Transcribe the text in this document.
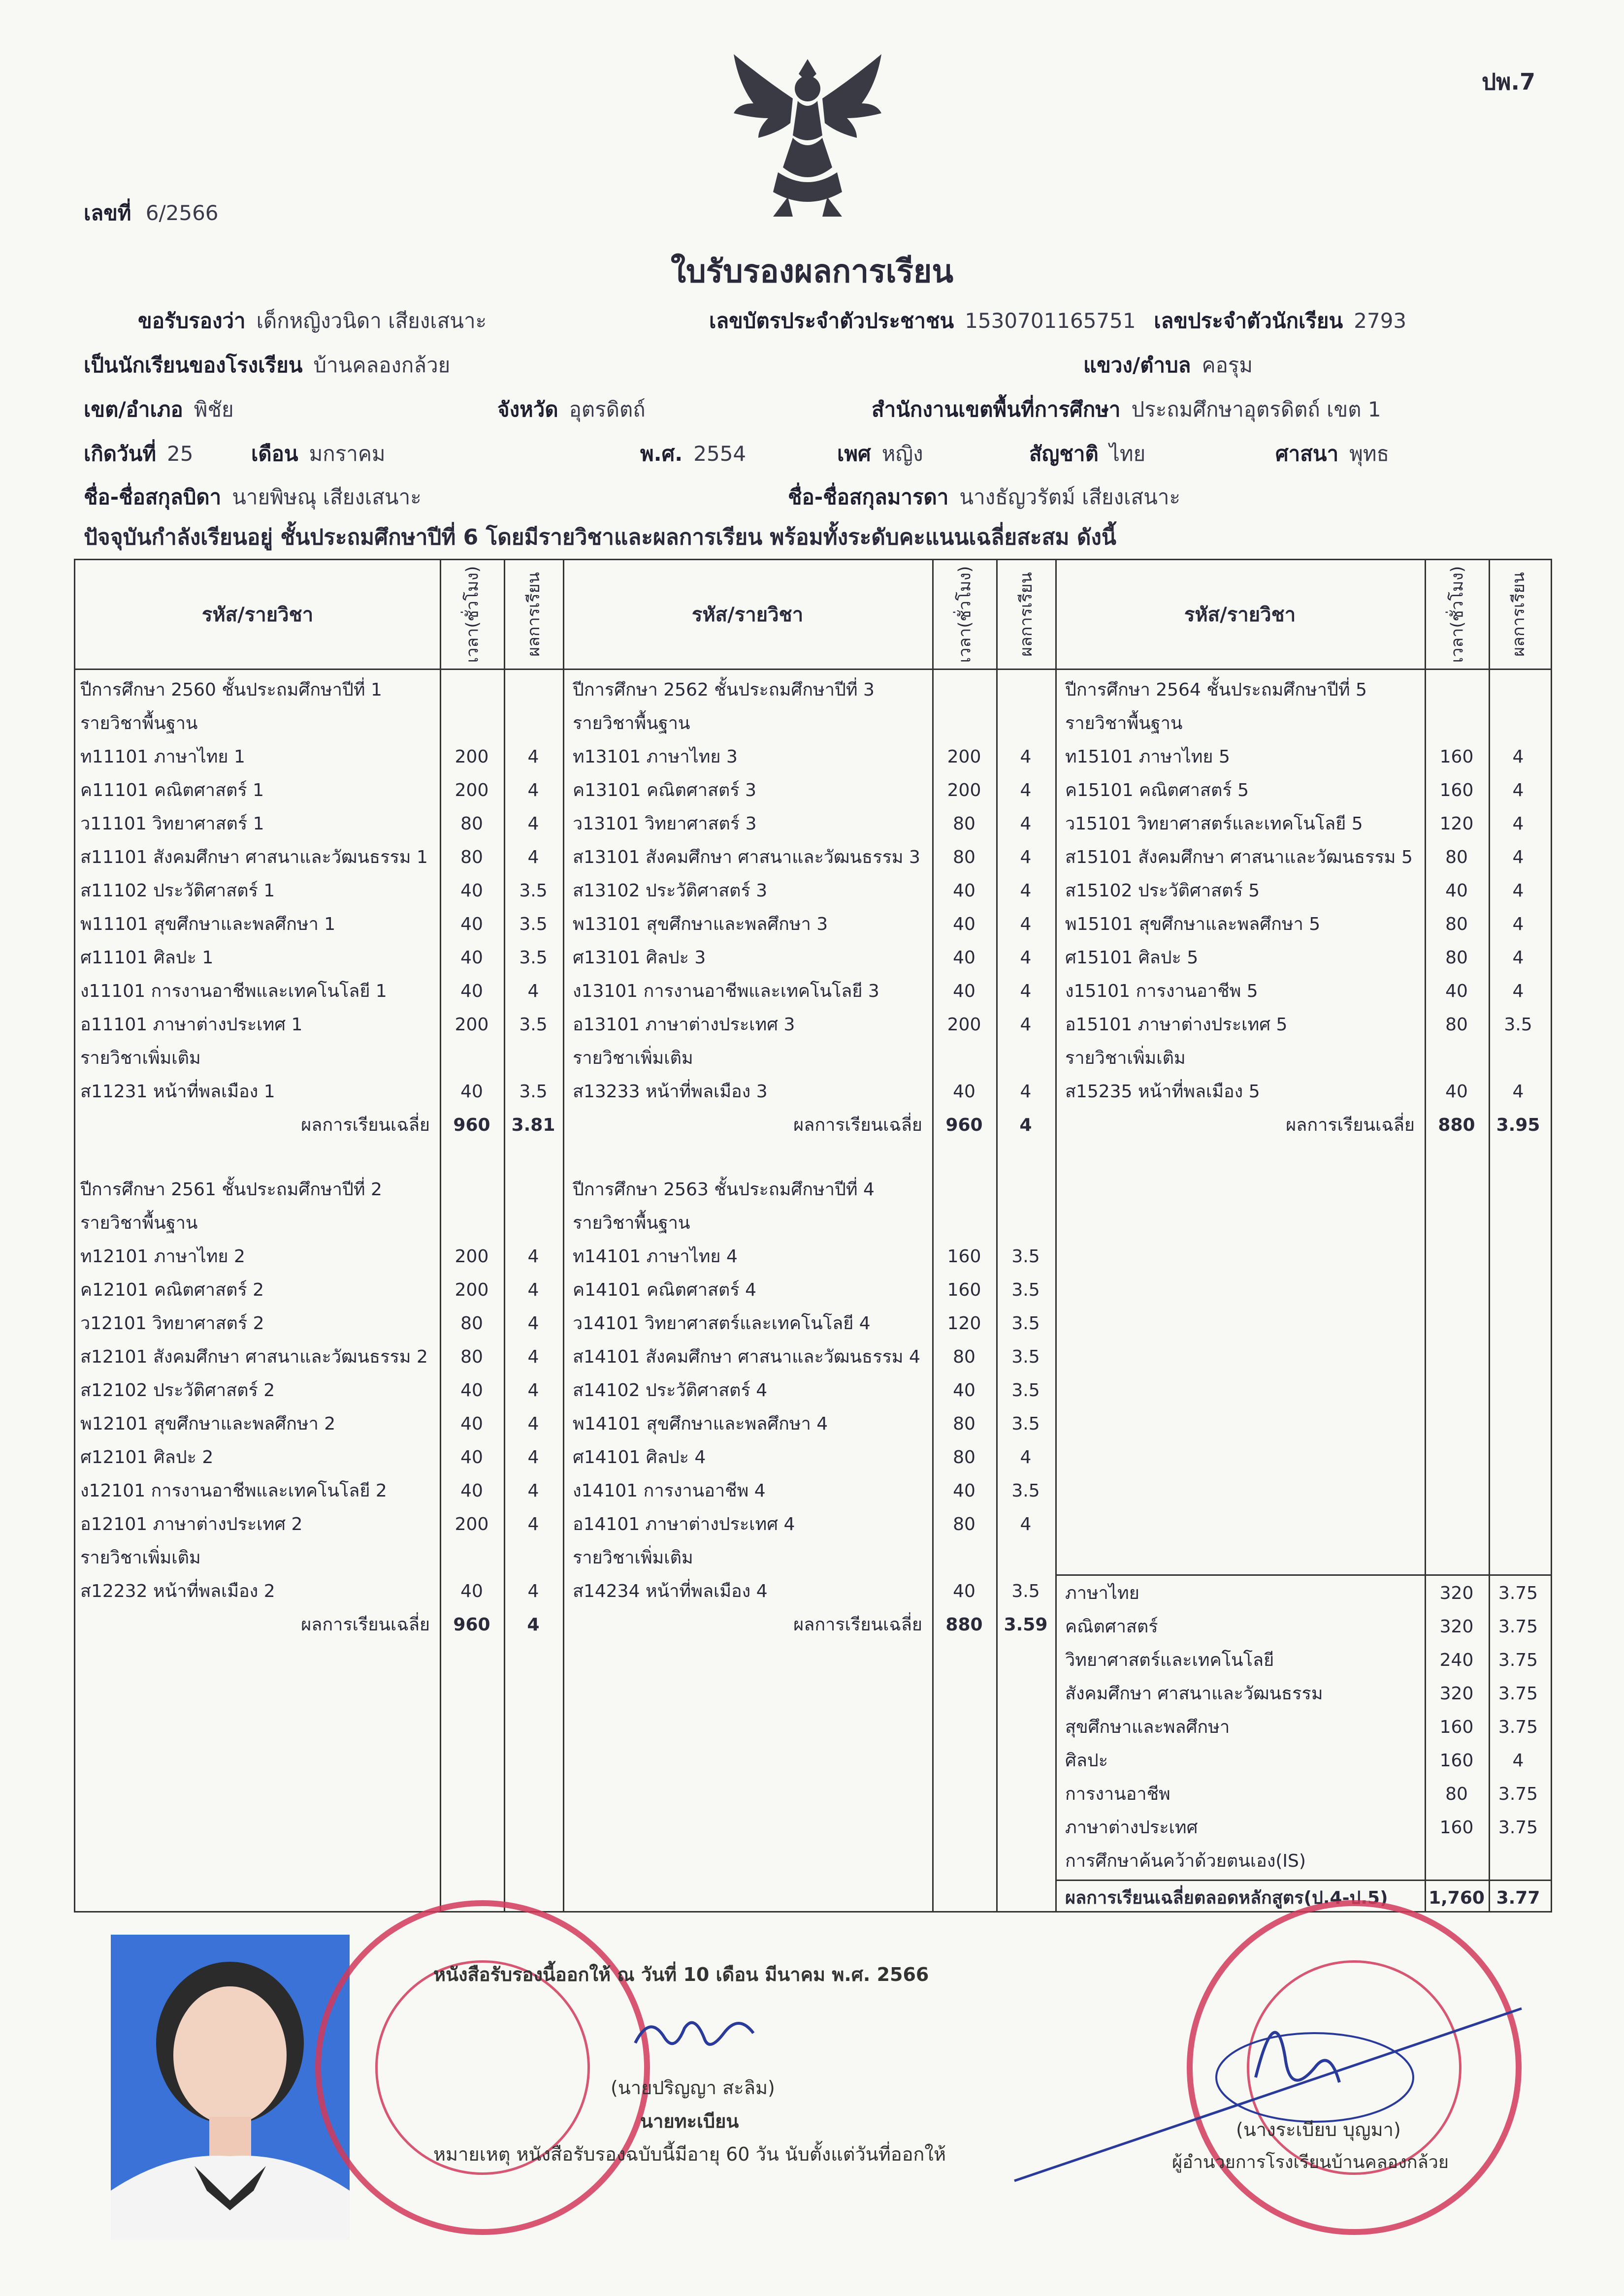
ปพ.7
เลขที่ 6/2566
ใบรับรองผลการเรียน
ขอรับรองว่า เด็กหญิงวนิดา เสียงเสนาะ	เลขบัตรประจำตัวประชาชน 1530701165751 เลขประจำตัวนักเรียน 2793
เป็นนักเรียนของโรงเรียน บ้านคลองกล้วย	แขวง/ตำบล คอรุม
เขต/อำเภอ พิชัย	จังหวัด อุตรดิตถ์	สำนักงานเขตพื้นที่การศึกษา ประถมศึกษาอุตรดิตถ์ เขต 1
เกิดวันที่ 25	เดือน มกราคม	พ.ศ. 2554	เพศ หญิง	สัญชาติ ไทย	ศาสนา พุทธ
ชื่อ-ชื่อสกุลบิดา นายพิษณุ เสียงเสนาะ	ชื่อ-ชื่อสกุลมารดา นางธัญวรัตม์ เสียงเสนาะ
ปัจจุบันกำลังเรียนอยู่ ชั้นประถมศึกษาปีที่ 6 โดยมีรายวิชาและผลการเรียน พร้อมทั้งระดับคะแนนเฉลี่ยสะสม ดังนี้
รหัส/รายวิชา	เวลา(ชั่วโมง)	ผลการเรียน	รหัส/รายวิชา	เวลา(ชั่วโมง)	ผลการเรียน	รหัส/รายวิชา	เวลา(ชั่วโมง)	ผลการเรียน
ปีการศึกษา 2560 ชั้นประถมศึกษาปีที่ 1
รายวิชาพื้นฐาน
ท11101 ภาษาไทย 1	200	4
ค11101 คณิตศาสตร์ 1	200	4
ว11101 วิทยาศาสตร์ 1	80	4
ส11101 สังคมศึกษา ศาสนาและวัฒนธรรม 1	80	4
ส11102 ประวัติศาสตร์ 1	40	3.5
พ11101 สุขศึกษาและพลศึกษา 1	40	3.5
ศ11101 ศิลปะ 1	40	3.5
ง11101 การงานอาชีพและเทคโนโลยี 1	40	4
อ11101 ภาษาต่างประเทศ 1	200	3.5
รายวิชาเพิ่มเติม
ส11231 หน้าที่พลเมือง 1	40	3.5
ผลการเรียนเฉลี่ย	960	3.81
ปีการศึกษา 2561 ชั้นประถมศึกษาปีที่ 2
รายวิชาพื้นฐาน
ท12101 ภาษาไทย 2	200	4
ค12101 คณิตศาสตร์ 2	200	4
ว12101 วิทยาศาสตร์ 2	80	4
ส12101 สังคมศึกษา ศาสนาและวัฒนธรรม 2	80	4
ส12102 ประวัติศาสตร์ 2	40	4
พ12101 สุขศึกษาและพลศึกษา 2	40	4
ศ12101 ศิลปะ 2	40	4
ง12101 การงานอาชีพและเทคโนโลยี 2	40	4
อ12101 ภาษาต่างประเทศ 2	200	4
รายวิชาเพิ่มเติม
ส12232 หน้าที่พลเมือง 2	40	4
ผลการเรียนเฉลี่ย	960	4
ปีการศึกษา 2562 ชั้นประถมศึกษาปีที่ 3
รายวิชาพื้นฐาน
ท13101 ภาษาไทย 3	200	4
ค13101 คณิตศาสตร์ 3	200	4
ว13101 วิทยาศาสตร์ 3	80	4
ส13101 สังคมศึกษา ศาสนาและวัฒนธรรม 3	80	4
ส13102 ประวัติศาสตร์ 3	40	4
พ13101 สุขศึกษาและพลศึกษา 3	40	4
ศ13101 ศิลปะ 3	40	4
ง13101 การงานอาชีพและเทคโนโลยี 3	40	4
อ13101 ภาษาต่างประเทศ 3	200	4
รายวิชาเพิ่มเติม
ส13233 หน้าที่พลเมือง 3	40	4
ผลการเรียนเฉลี่ย	960	4
ปีการศึกษา 2563 ชั้นประถมศึกษาปีที่ 4
รายวิชาพื้นฐาน
ท14101 ภาษาไทย 4	160	3.5
ค14101 คณิตศาสตร์ 4	160	3.5
ว14101 วิทยาศาสตร์และเทคโนโลยี 4	120	3.5
ส14101 สังคมศึกษา ศาสนาและวัฒนธรรม 4	80	3.5
ส14102 ประวัติศาสตร์ 4	40	3.5
พ14101 สุขศึกษาและพลศึกษา 4	80	3.5
ศ14101 ศิลปะ 4	80	4
ง14101 การงานอาชีพ 4	40	3.5
อ14101 ภาษาต่างประเทศ 4	80	4
รายวิชาเพิ่มเติม
ส14234 หน้าที่พลเมือง 4	40	3.5
ผลการเรียนเฉลี่ย	880	3.59
ปีการศึกษา 2564 ชั้นประถมศึกษาปีที่ 5
รายวิชาพื้นฐาน
ท15101 ภาษาไทย 5	160	4
ค15101 คณิตศาสตร์ 5	160	4
ว15101 วิทยาศาสตร์และเทคโนโลยี 5	120	4
ส15101 สังคมศึกษา ศาสนาและวัฒนธรรม 5	80	4
ส15102 ประวัติศาสตร์ 5	40	4
พ15101 สุขศึกษาและพลศึกษา 5	80	4
ศ15101 ศิลปะ 5	80	4
ง15101 การงานอาชีพ 5	40	4
อ15101 ภาษาต่างประเทศ 5	80	3.5
รายวิชาเพิ่มเติม
ส15235 หน้าที่พลเมือง 5	40	4
ผลการเรียนเฉลี่ย	880	3.95
ภาษาไทย	320	3.75
คณิตศาสตร์	320	3.75
วิทยาศาสตร์และเทคโนโลยี	240	3.75
สังคมศึกษา ศาสนาและวัฒนธรรม	320	3.75
สุขศึกษาและพลศึกษา	160	3.75
ศิลปะ	160	4
การงานอาชีพ	80	3.75
ภาษาต่างประเทศ	160	3.75
การศึกษาค้นคว้าด้วยตนเอง(IS)
ผลการเรียนเฉลี่ยตลอดหลักสูตร(ป.4-ป.5) 1,760 3.77
หนังสือรับรองนี้ออกให้ ณ วันที่ 10 เดือน มีนาคม พ.ศ. 2566
(นายปริญญา สะลิม)
นายทะเบียน
หมายเหตุ หนังสือรับรองฉบับนี้มีอายุ 60 วัน นับตั้งแต่วันที่ออกให้
(นางระเบียบ บุญมา)
ผู้อำนวยการโรงเรียนบ้านคลองกล้วย
